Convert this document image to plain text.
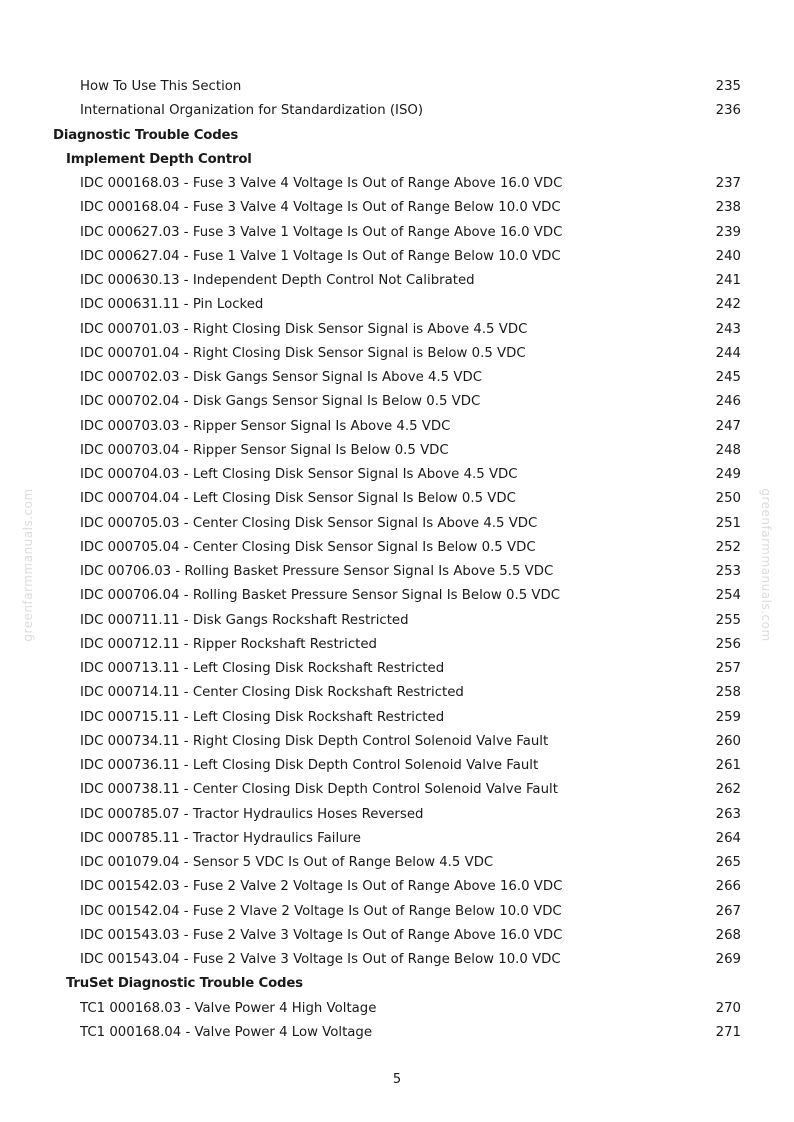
greenfarmmanuals.com	greenfarmmanuals.com
How To Use This Section	235
International Organization for Standardization (ISO)	236
Diagnostic Trouble Codes
Implement Depth Control
IDC 000168.03 - Fuse 3 Valve 4 Voltage Is Out of Range Above 16.0 VDC	237
IDC 000168.04 - Fuse 3 Valve 4 Voltage Is Out of Range Below 10.0 VDC	238
IDC 000627.03 - Fuse 3 Valve 1 Voltage Is Out of Range Above 16.0 VDC	239
IDC 000627.04 - Fuse 1 Valve 1 Voltage Is Out of Range Below 10.0 VDC	240
IDC 000630.13 - Independent Depth Control Not Calibrated	241
IDC 000631.11 - Pin Locked	242
IDC 000701.03 - Right Closing Disk Sensor Signal is Above 4.5 VDC	243
IDC 000701.04 - Right Closing Disk Sensor Signal is Below 0.5 VDC	244
IDC 000702.03 - Disk Gangs Sensor Signal Is Above 4.5 VDC	245
IDC 000702.04 - Disk Gangs Sensor Signal Is Below 0.5 VDC	246
IDC 000703.03 - Ripper Sensor Signal Is Above 4.5 VDC	247
IDC 000703.04 - Ripper Sensor Signal Is Below 0.5 VDC	248
IDC 000704.03 - Left Closing Disk Sensor Signal Is Above 4.5 VDC	249
IDC 000704.04 - Left Closing Disk Sensor Signal Is Below 0.5 VDC	250
IDC 000705.03 - Center Closing Disk Sensor Signal Is Above 4.5 VDC	251
IDC 000705.04 - Center Closing Disk Sensor Signal Is Below 0.5 VDC	252
IDC 00706.03 - Rolling Basket Pressure Sensor Signal Is Above 5.5 VDC	253
IDC 000706.04 - Rolling Basket Pressure Sensor Signal Is Below 0.5 VDC	254
IDC 000711.11 - Disk Gangs Rockshaft Restricted	255
IDC 000712.11 - Ripper Rockshaft Restricted	256
IDC 000713.11 - Left Closing Disk Rockshaft Restricted	257
IDC 000714.11 - Center Closing Disk Rockshaft Restricted	258
IDC 000715.11 - Left Closing Disk Rockshaft Restricted	259
IDC 000734.11 - Right Closing Disk Depth Control Solenoid Valve Fault	260
IDC 000736.11 - Left Closing Disk Depth Control Solenoid Valve Fault	261
IDC 000738.11 - Center Closing Disk Depth Control Solenoid Valve Fault	262
IDC 000785.07 - Tractor Hydraulics Hoses Reversed	263
IDC 000785.11 - Tractor Hydraulics Failure	264
IDC 001079.04 - Sensor 5 VDC Is Out of Range Below 4.5 VDC	265
IDC 001542.03 - Fuse 2 Valve 2 Voltage Is Out of Range Above 16.0 VDC	266
IDC 001542.04 - Fuse 2 Vlave 2 Voltage Is Out of Range Below 10.0 VDC	267
IDC 001543.03 - Fuse 2 Valve 3 Voltage Is Out of Range Above 16.0 VDC	268
IDC 001543.04 - Fuse 2 Valve 3 Voltage Is Out of Range Below 10.0 VDC	269
TruSet Diagnostic Trouble Codes
TC1 000168.03 - Valve Power 4 High Voltage	270
TC1 000168.04 - Valve Power 4 Low Voltage	271
5
